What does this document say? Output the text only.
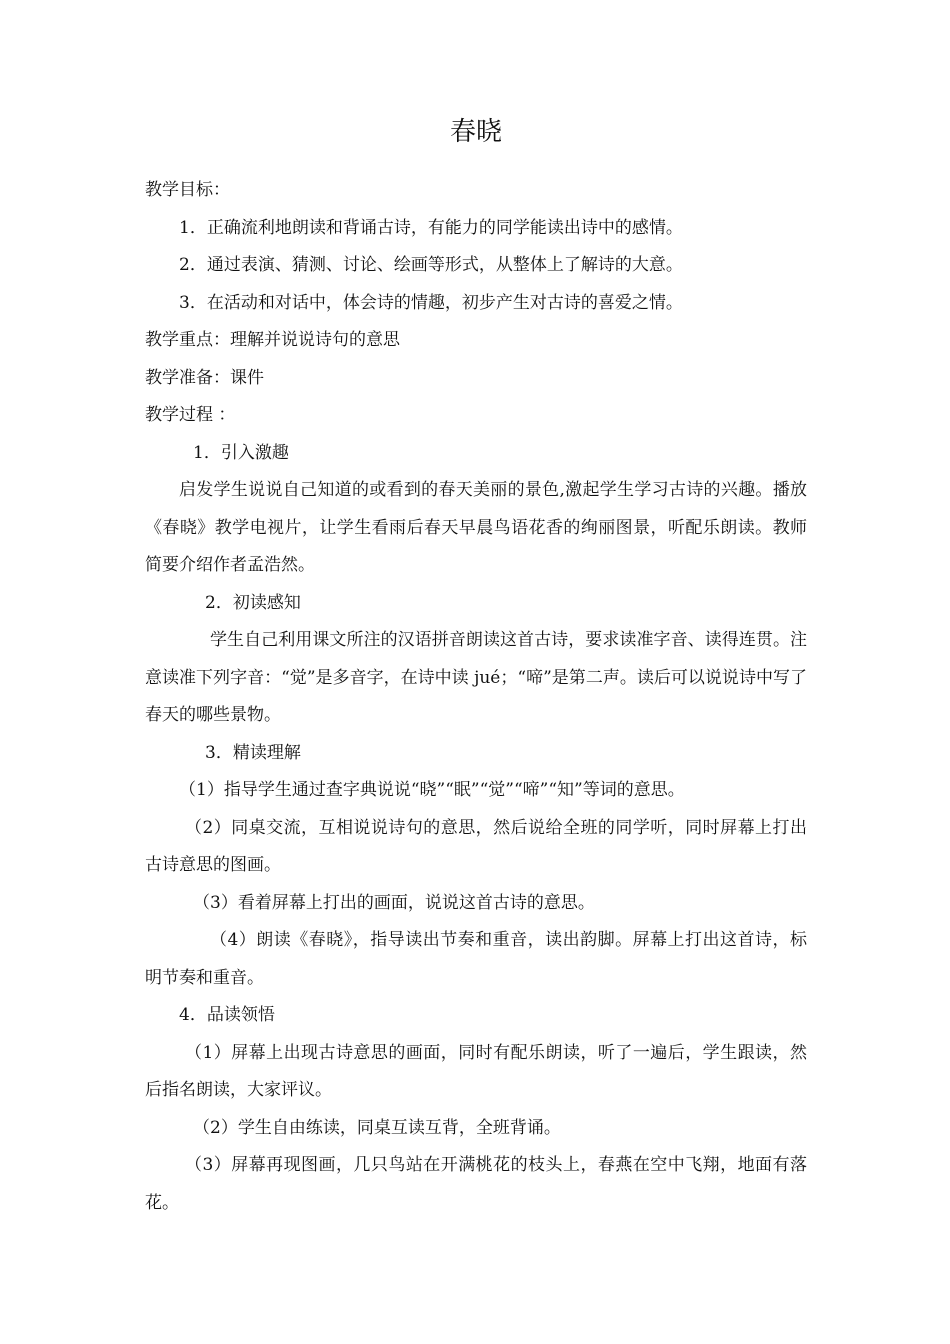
春晓

教学目标：

1．正确流利地朗读和背诵古诗，有能力的同学能读出诗中的感情。

2．通过表演、猜测、讨论、绘画等形式，从整体上了解诗的大意。

3．在活动和对话中，体会诗的情趣，初步产生对古诗的喜爱之情。

教学重点：理解并说说诗句的意思

教学准备：课件

教学过程 ：

1．引入激趣

启发学生说说自己知道的或看到的春天美丽的景色,激起学生学习古诗的兴趣。播放《春晓》教学电视片，让学生看雨后春天早晨鸟语花香的绚丽图景，听配乐朗读。教师简要介绍作者孟浩然。

2．初读感知

学生自己利用课文所注的汉语拼音朗读这首古诗，要求读准字音、读得连贯。注意读准下列字音：“觉”是多音字，在诗中读 jué；“啼”是第二声。读后可以说说诗中写了春天的哪些景物。

3．精读理解

（1）指导学生通过查字典说说“晓”“眠”“觉”“啼”“知”等词的意思。

（2）同桌交流，互相说说诗句的意思，然后说给全班的同学听，同时屏幕上打出古诗意思的图画。

（3）看着屏幕上打出的画面，说说这首古诗的意思。

（4）朗读《春晓》，指导读出节奏和重音，读出韵脚。屏幕上打出这首诗，标明节奏和重音。

4．品读领悟

（1）屏幕上出现古诗意思的画面，同时有配乐朗读，听了一遍后，学生跟读，然后指名朗读，大家评议。

（2）学生自由练读，同桌互读互背，全班背诵。

（3）屏幕再现图画，几只鸟站在开满桃花的枝头上，春燕在空中飞翔，地面有落花。
